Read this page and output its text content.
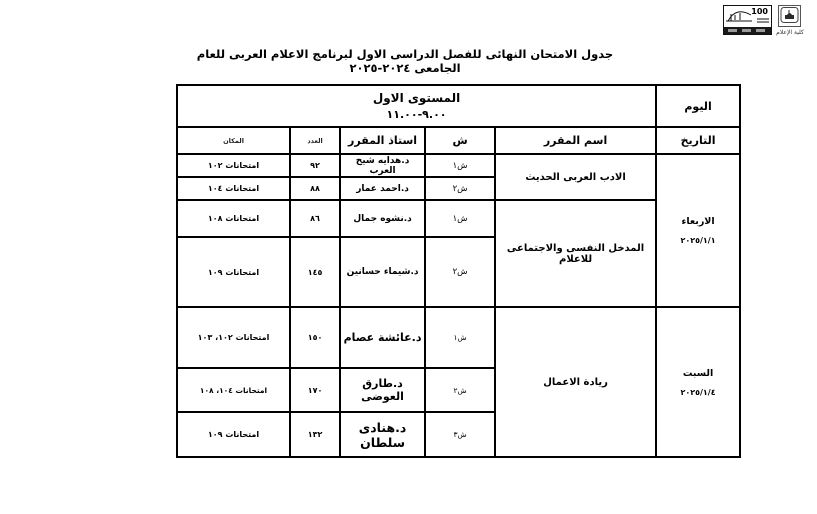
100
كلية الإعلام
جدول الامتحان النهائى للفصل الدراسى الاول لبرنامج الاعلام العربى للعام الجامعى ٢٠٢٤-٢٠٢٥
اليوم	المستوى الاول
٩.٠٠-١١.٠٠				

التاريخ	اسم المقرر	ش	استاذ المقرر	العدد	المكان

الاربعاء
٢٠٢٥/١/١	الادب العربى الحديث	ش١	د.هدايه شيخ العرب	٩٢	امتحانات ١٠٢
		ش٢	د.احمد عمار	٨٨	امتحانات ١٠٤
	المدخل النفسى والاجتماعى للاعلام	ش١	د.نشوه جمال	٨٦	امتحانات ١٠٨
		ش٢	د.شيماء حسانين	١٤٥	امتحانات ١٠٩

السبت
٢٠٢٥/١/٤	ريادة الاعمال	ش١	د.عائشة عصام	١٥٠	امتحانات ١٠٢، ١٠٣
		ش٢	د.طارق العوضى	١٧٠	امتحانات ١٠٤، ١٠٨
		ش٣	د.هنادى سلطان	١٣٢	امتحانات ١٠٩
